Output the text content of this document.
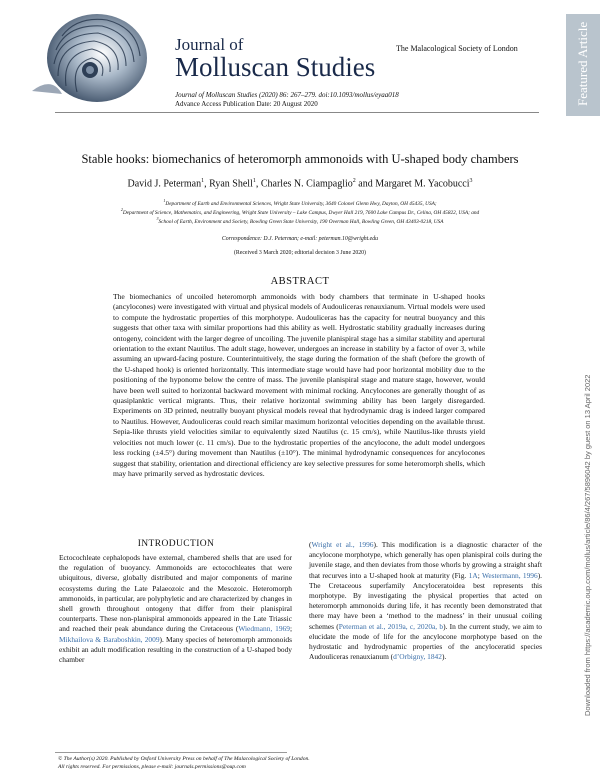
Journal of
Molluscan Studies
The Malacological Society of London
Journal of Molluscan Studies (2020) 86: 267–279. doi:10.1093/mollus/eyaa018
Advance Access Publication Date: 20 August 2020	Featured Article
Downloaded from https://academic.oup.com/mollus/article/86/4/267/5896042 by guest on 13 April 2022
Stable hooks: biomechanics of heteromorph ammonoids with U-shaped body chambers
David J. Peterman$^1$, Ryan Shell$^1$, Charles N. Ciampaglio$^2$ and Margaret M. Yacobucci$^3$
$^1$Department of Earth and Environmental Sciences, Wright State University, 3640 Colonel Glenn Hwy, Dayton, OH 45435, USA;
$^2$Department of Science, Mathematics, and Engineering, Wright State University – Lake Campus, Dwyer Hall 219, 7600 Lake Campus Dr., Celina, OH 45822, USA; and
$^3$School of Earth, Environment and Society, Bowling Green State University, 190 Overman Hall, Bowling Green, OH 43403-0218, USA
Correspondence: D.J. Peterman; e-mail: peterman.10@wright.edu
(Received 3 March 2020; editorial decision 3 June 2020)
ABSTRACT

The biomechanics of uncoiled heteromorph ammonoids with body chambers that terminate in U-shaped hooks (ancylocones) were investigated with virtual and physical models of Audouliceras renauxianum. Virtual models were used to compute the hydrostatic properties of this morphotype. Audouliceras has the capacity for neutral buoyancy and this suggests that other taxa with similar proportions had this ability as well. Hydrostatic stability gradually increases during ontogeny, coincident with the larger degree of uncoiling. The juvenile planispiral stage has a similar stability and apertural orientation to the extant Nautilus. The adult stage, however, undergoes an increase in stability by a factor of over 3, while assuming an upward-facing posture. Counterintuitively, the stage during the formation of the shaft (before the growth of the U-shaped hook) is oriented horizontally. This intermediate stage would have had poor horizontal mobility due to the positioning of the hyponome below the centre of mass. The juvenile planispiral stage and mature stage, however, would have been well suited to horizontal backward movement with minimal rocking. Ancylocones are generally thought of as quasiplanktic vertical migrants. Thus, their relative horizontal swimming ability has been largely disregarded. Experiments on 3D printed, neutrally buoyant physical models reveal that hydrodynamic drag is indeed larger compared to Nautilus. However, Audouliceras could reach similar maximum horizontal velocities depending on the available thrust. Sepia-like thrusts yield velocities similar to equivalently sized Nautilus (c. 15 cm/s), while Nautilus-like thrusts yield velocities not much lower (c. 11 cm/s). Due to the hydrostatic properties of the ancylocone, the adult model undergoes less rocking (±4.5°) during movement than Nautilus (±10°). The minimal hydrodynamic consequences for ancylocones suggest that stability, orientation and directional efficiency are key selective pressures for some heteromorph shells, which may have primarily served as hydrostatic devices.

INTRODUCTION
Ectocochleate cephalopods have external, chambered shells that are used for the regulation of buoyancy. Ammonoids are ectocochleates that were ubiquitous, diverse, globally distributed and major components of marine ecosystems during the Late Palaeozoic and the Mesozoic. Heteromorph ammonoids, in particular, are polyphyletic and are characterized by changes in shell growth throughout ontogeny that differ from their planispiral counterparts. These non-planispiral ammonoids appeared in the Late Triassic and reached their peak abundance during the Cretaceous (Wiedmann, 1969; Mikhailova & Baraboshkin, 2009). Many species of heteromorph ammonoids exhibit an adult modification resulting in the construction of a U-shaped body chamber
(Wright et al., 1996). This modification is a diagnostic character of the ancylocone morphotype, which generally has open planispiral coils during the juvenile stage, and then deviates from those whorls by growing a straight shaft that recurves into a U-shaped hook at maturity (Fig. 1A; Westermann, 1996). The Cretaceous superfamily Ancyloceratoidea best represents this morphotype. By investigating the physical properties that acted on heteromorph ammonoids during life, it has recently been demonstrated that there may have been a ‘method to the madness’ in their unusual coiling schemes (Peterman et al., 2019a, c, 2020a, b). In the current study, we aim to elucidate the mode of life for the ancylocone morphotype based on the hydrostatic and hydrodynamic properties of the ancyloceratid species Audouliceras renauxianum (d’Orbigny, 1842).
© The Author(s) 2020. Published by Oxford University Press on behalf of The Malacological Society of London.
All rights reserved. For permissions, please e-mail: journals.permissions@oup.com
